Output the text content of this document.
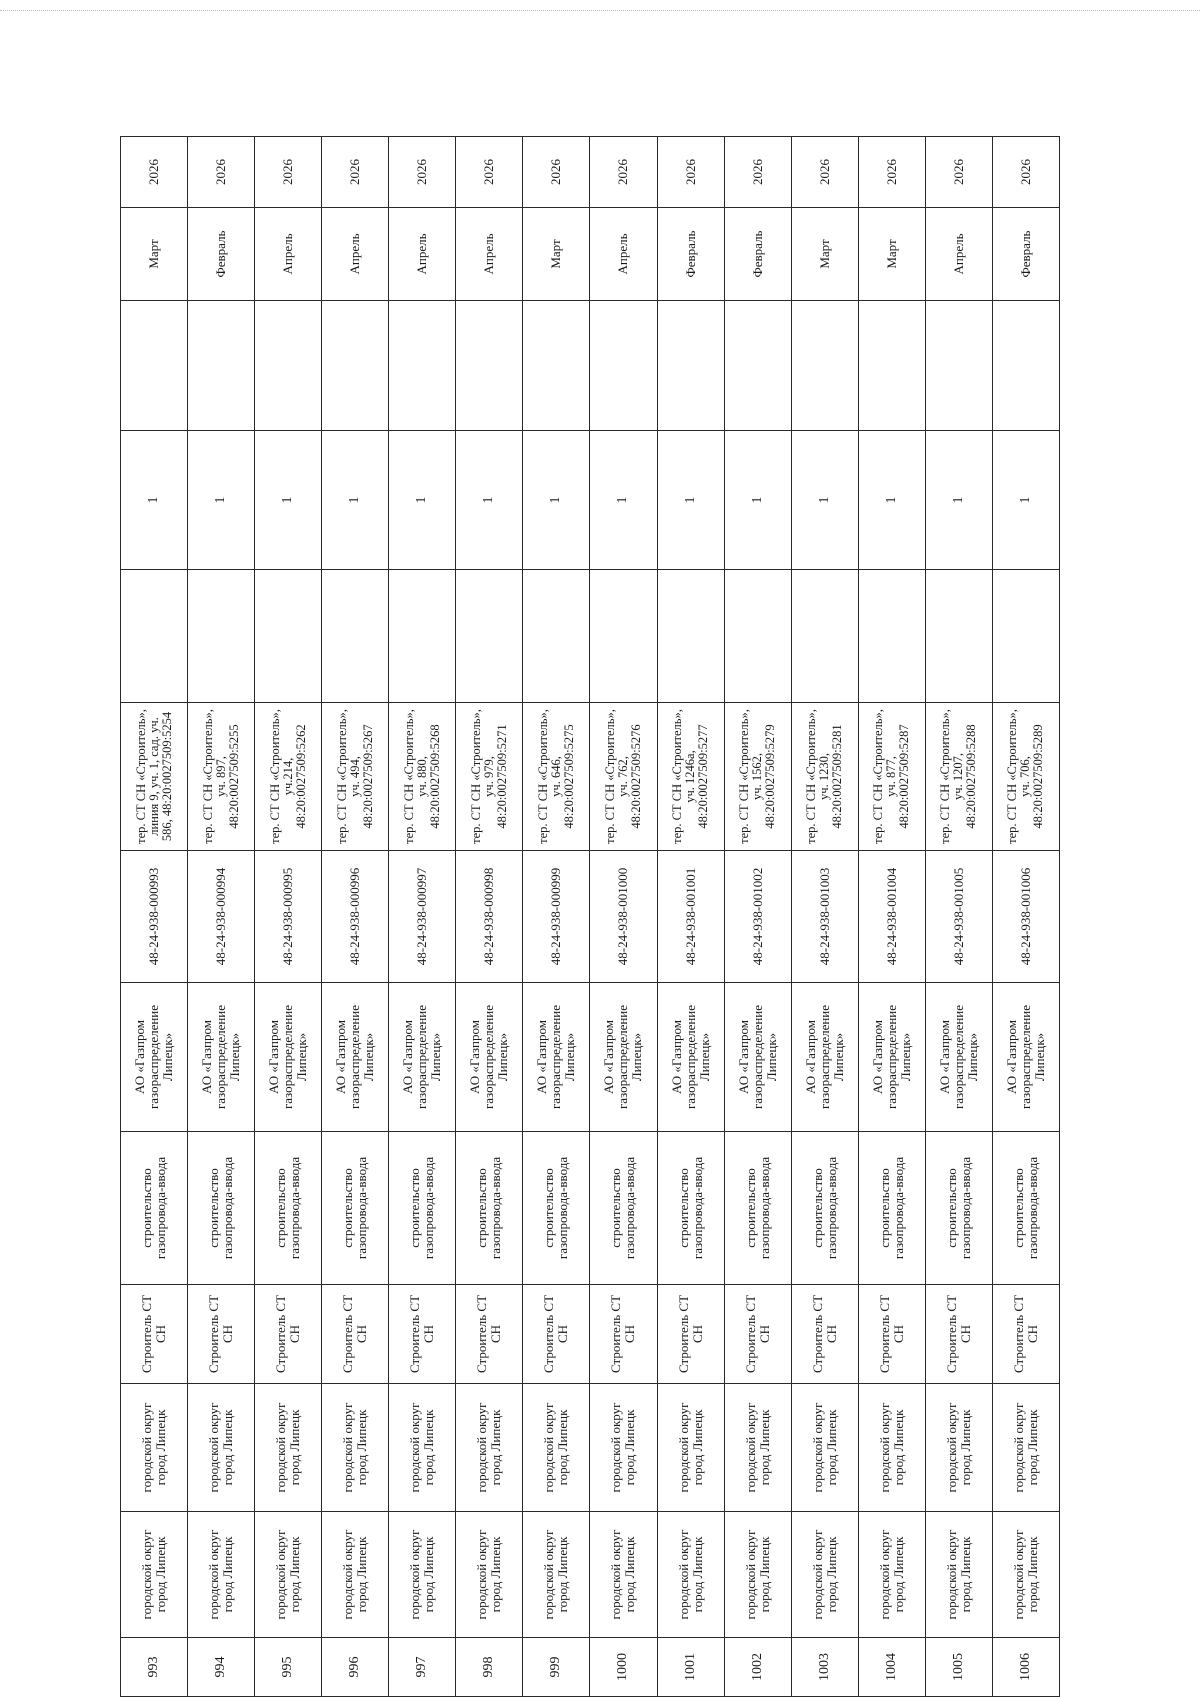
993	городской округ город Липецк	городской округ город Липецк	Строитель СТ СН	строительство газопровода-ввода	АО «Газпром газораспределение Липецк»	48-24-938-000993	тер. СТ СН «Строитель», линия 9, уч. 1, сад. уч. 586, 48:20:0027509:5254		1		Март	2026
994	городской округ город Липецк	городской округ город Липецк	Строитель СТ СН	строительство газопровода-ввода	АО «Газпром газораспределение Липецк»	48-24-938-000994	тер. СТ СН «Строитель», уч. 897, 48:20:0027509:5255		1		Февраль	2026
995	городской округ город Липецк	городской округ город Липецк	Строитель СТ СН	строительство газопровода-ввода	АО «Газпром газораспределение Липецк»	48-24-938-000995	тер. СТ СН «Строитель», уч.214, 48:20:0027509:5262		1		Апрель	2026
996	городской округ город Липецк	городской округ город Липецк	Строитель СТ СН	строительство газопровода-ввода	АО «Газпром газораспределение Липецк»	48-24-938-000996	тер. СТ СН «Строитель», уч. 494, 48:20:0027509:5267		1		Апрель	2026
997	городской округ город Липецк	городской округ город Липецк	Строитель СТ СН	строительство газопровода-ввода	АО «Газпром газораспределение Липецк»	48-24-938-000997	тер. СТ СН «Строитель», уч. 880, 48:20:0027509:5268		1		Апрель	2026
998	городской округ город Липецк	городской округ город Липецк	Строитель СТ СН	строительство газопровода-ввода	АО «Газпром газораспределение Липецк»	48-24-938-000998	тер. СТ СН «Строитель», уч. 979, 48:20:0027509:5271		1		Апрель	2026
999	городской округ город Липецк	городской округ город Липецк	Строитель СТ СН	строительство газопровода-ввода	АО «Газпром газораспределение Липецк»	48-24-938-000999	тер. СТ СН «Строитель», уч. 646, 48:20:0027509:5275		1		Март	2026
1000	городской округ город Липецк	городской округ город Липецк	Строитель СТ СН	строительство газопровода-ввода	АО «Газпром газораспределение Липецк»	48-24-938-001000	тер. СТ СН «Строитель», уч. 762, 48:20:0027509:5276		1		Апрель	2026
1001	городской округ город Липецк	городской округ город Липецк	Строитель СТ СН	строительство газопровода-ввода	АО «Газпром газораспределение Липецк»	48-24-938-001001	тер. СТ СН «Строитель», уч. 1246а, 48:20:0027509:5277		1		Февраль	2026
1002	городской округ город Липецк	городской округ город Липецк	Строитель СТ СН	строительство газопровода-ввода	АО «Газпром газораспределение Липецк»	48-24-938-001002	тер. СТ СН «Строитель», уч. 1562, 48:20:0027509:5279		1		Февраль	2026
1003	городской округ город Липецк	городской округ город Липецк	Строитель СТ СН	строительство газопровода-ввода	АО «Газпром газораспределение Липецк»	48-24-938-001003	тер. СТ СН «Строитель», уч. 1230, 48:20:0027509:5281		1		Март	2026
1004	городской округ город Липецк	городской округ город Липецк	Строитель СТ СН	строительство газопровода-ввода	АО «Газпром газораспределение Липецк»	48-24-938-001004	тер. СТ СН «Строитель», уч. 877, 48:20:0027509:5287		1		Март	2026
1005	городской округ город Липецк	городской округ город Липецк	Строитель СТ СН	строительство газопровода-ввода	АО «Газпром газораспределение Липецк»	48-24-938-001005	тер. СТ СН «Строитель», уч. 1207, 48:20:0027509:5288		1		Апрель	2026
1006	городской округ город Липецк	городской округ город Липецк	Строитель СТ СН	строительство газопровода-ввода	АО «Газпром газораспределение Липецк»	48-24-938-001006	тер. СТ СН «Строитель», уч. 706, 48:20:0027509:5289		1		Февраль	2026
